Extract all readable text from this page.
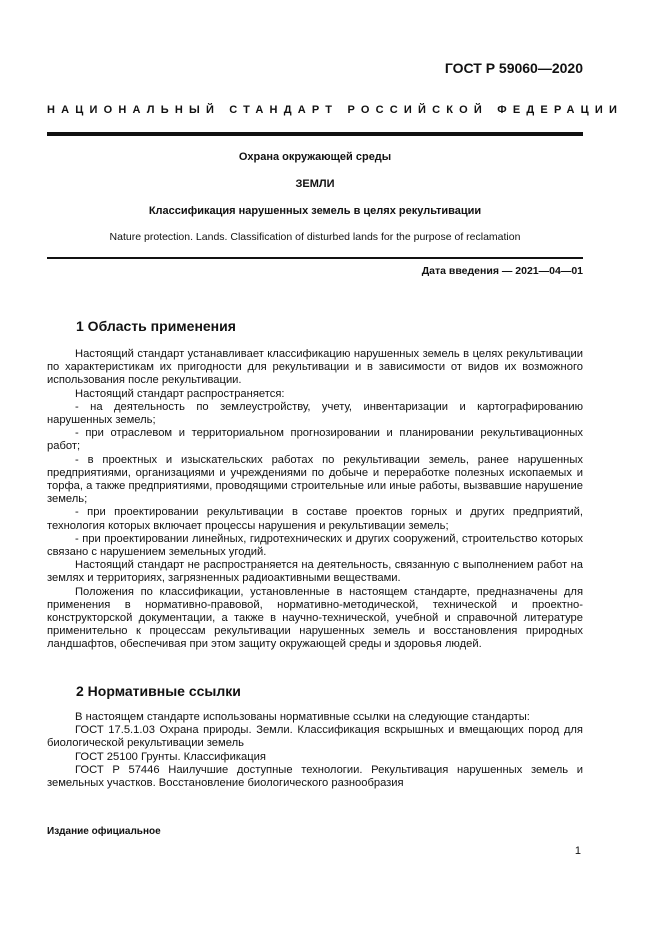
ГОСТ Р 59060—2020
НАЦИОНАЛЬНЫЙ СТАНДАРТ РОССИЙСКОЙ ФЕДЕРАЦИИ
Охрана окружающей среды
ЗЕМЛИ
Классификация нарушенных земель в целях рекультивации
Nature protection. Lands. Classification of disturbed lands for the purpose of reclamation
Дата введения — 2021—04—01
1 Область применения

Настоящий стандарт устанавливает классификацию нарушенных земель в целях рекультивации по характеристикам их пригодности для рекультивации и в зависимости от видов их возможного использования после рекультивации.

Настоящий стандарт распространяется:

- на деятельность по землеустройству, учету, инвентаризации и картографированию нарушенных земель;

- при отраслевом и территориальном прогнозировании и планировании рекультивационных работ;

- в проектных и изыскательских работах по рекультивации земель, ранее нарушенных предприятиями, организациями и учреждениями по добыче и переработке полезных ископаемых и торфа, а также предприятиями, проводящими строительные или иные работы, вызвавшие нарушение земель;

- при проектировании рекультивации в составе проектов горных и других предприятий, технология которых включает процессы нарушения и рекультивации земель;

- при проектировании линейных, гидротехнических и других сооружений, строительство которых связано с нарушением земельных угодий.

Настоящий стандарт не распространяется на деятельность, связанную с выполнением работ на землях и территориях, загрязненных радиоактивными веществами.

Положения по классификации, установленные в настоящем стандарте, предназначены для применения в нормативно-правовой, нормативно-методической, технической и проектно-конструкторской документации, а также в научно-технической, учебной и справочной литературе применительно к процессам рекультивации нарушенных земель и восстановления природных ландшафтов, обеспечивая при этом защиту окружающей среды и здоровья людей.

2 Нормативные ссылки

В настоящем стандарте использованы нормативные ссылки на следующие стандарты:

ГОСТ 17.5.1.03 Охрана природы. Земли. Классификация вскрышных и вмещающих пород для биологической рекультивации земель

ГОСТ 25100 Грунты. Классификация

ГОСТ Р 57446 Наилучшие доступные технологии. Рекультивация нарушенных земель и земельных участков. Восстановление биологического разнообразия

Издание официальное
1
